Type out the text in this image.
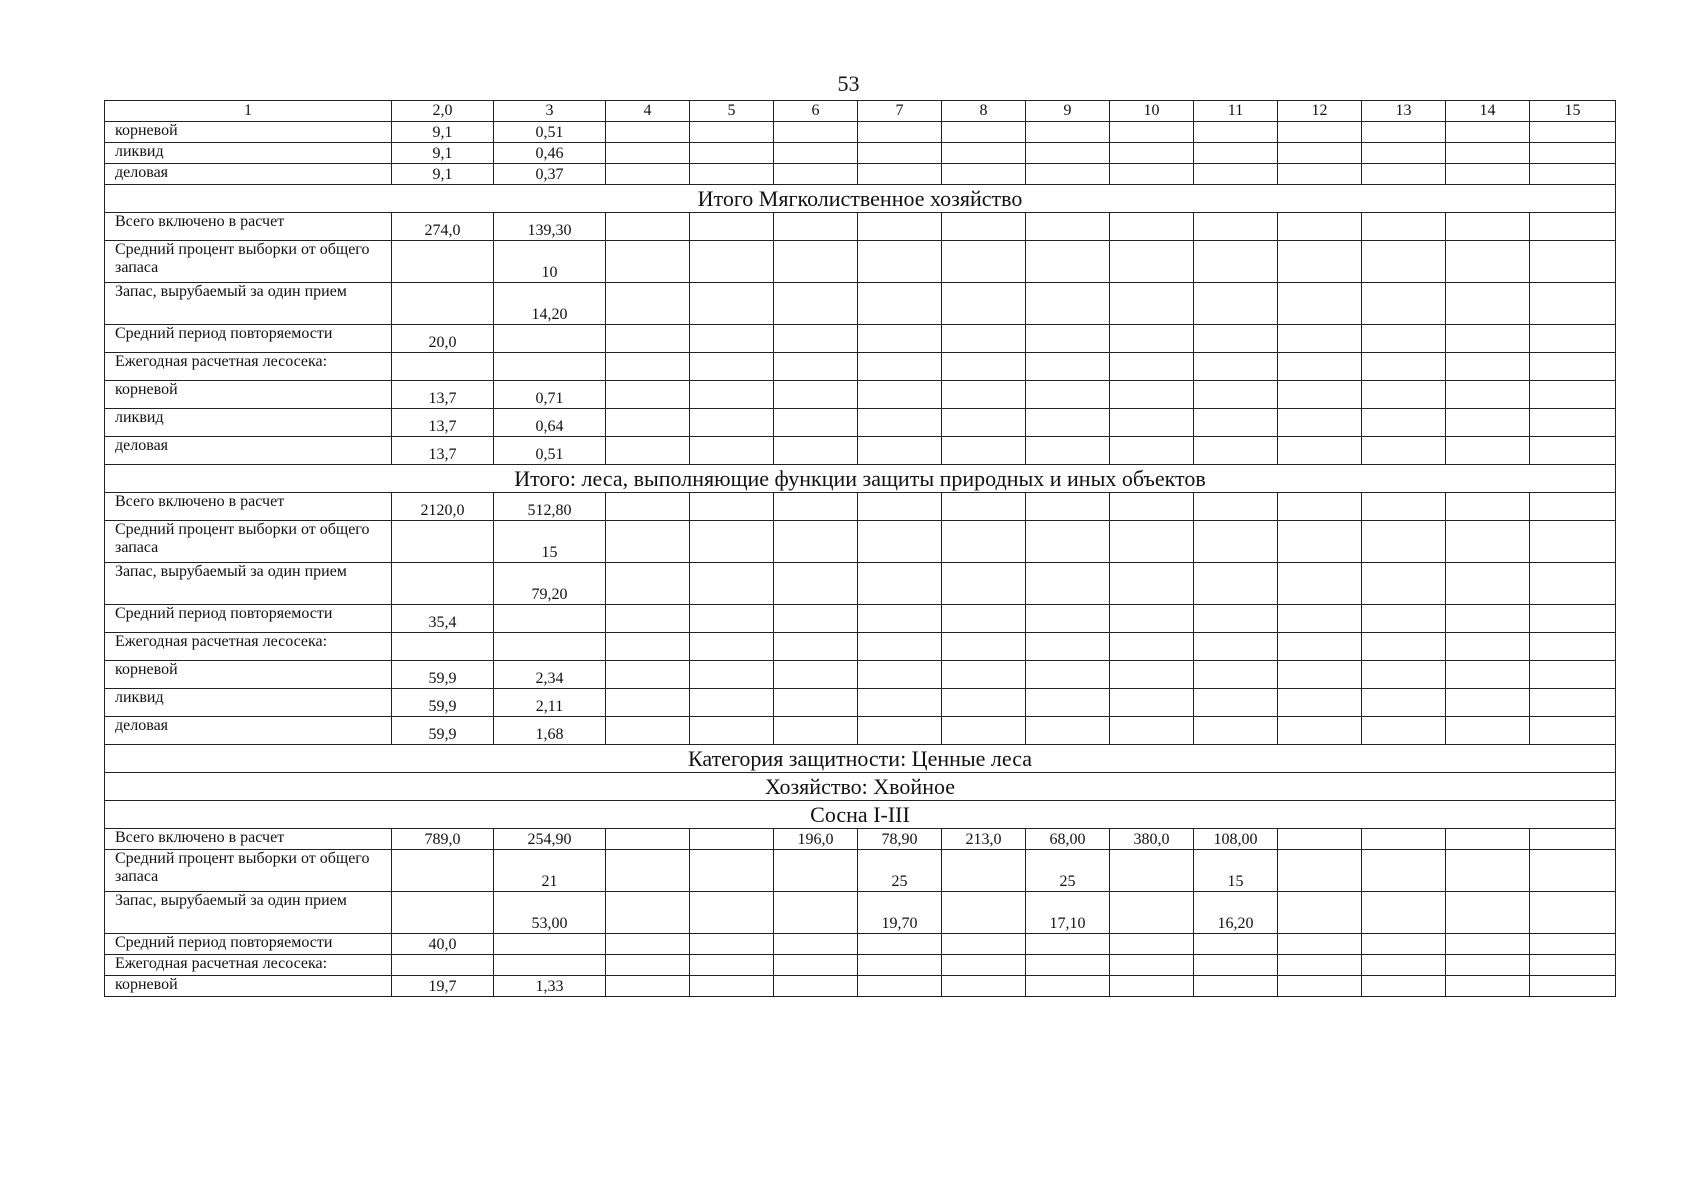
53
1	2,0	3	4	5	6	7	8	9	10	11	12	13	14	15
корневой	9,1	0,51												
ликвид	9,1	0,46												
деловая	9,1	0,37												
Итого Мягколиственное хозяйство														
Всего включено в расчет	274,0	139,30												
Средний процент выборки от общего запаса		10												
Запас, вырубаемый за один прием		14,20												
Средний период повторяемости	20,0													
Ежегодная расчетная лесосека:														
корневой	13,7	0,71												
ликвид	13,7	0,64												
деловая	13,7	0,51												
Итого: леса, выполняющие функции защиты природных и иных объектов														
Всего включено в расчет	2120,0	512,80												
Средний процент выборки от общего запаса		15												
Запас, вырубаемый за один прием		79,20												
Средний период повторяемости	35,4													
Ежегодная расчетная лесосека:														
корневой	59,9	2,34												
ликвид	59,9	2,11												
деловая	59,9	1,68												
Категория защитности: Ценные леса														
Хозяйство: Хвойное														
Сосна I-III														
Всего включено в расчет	789,0	254,90			196,0	78,90	213,0	68,00	380,0	108,00				
Средний процент выборки от общего запаса		21				25		25		15				
Запас, вырубаемый за один прием		53,00				19,70		17,10		16,20				
Средний период повторяемости	40,0													
Ежегодная расчетная лесосека:														
корневой	19,7	1,33												
